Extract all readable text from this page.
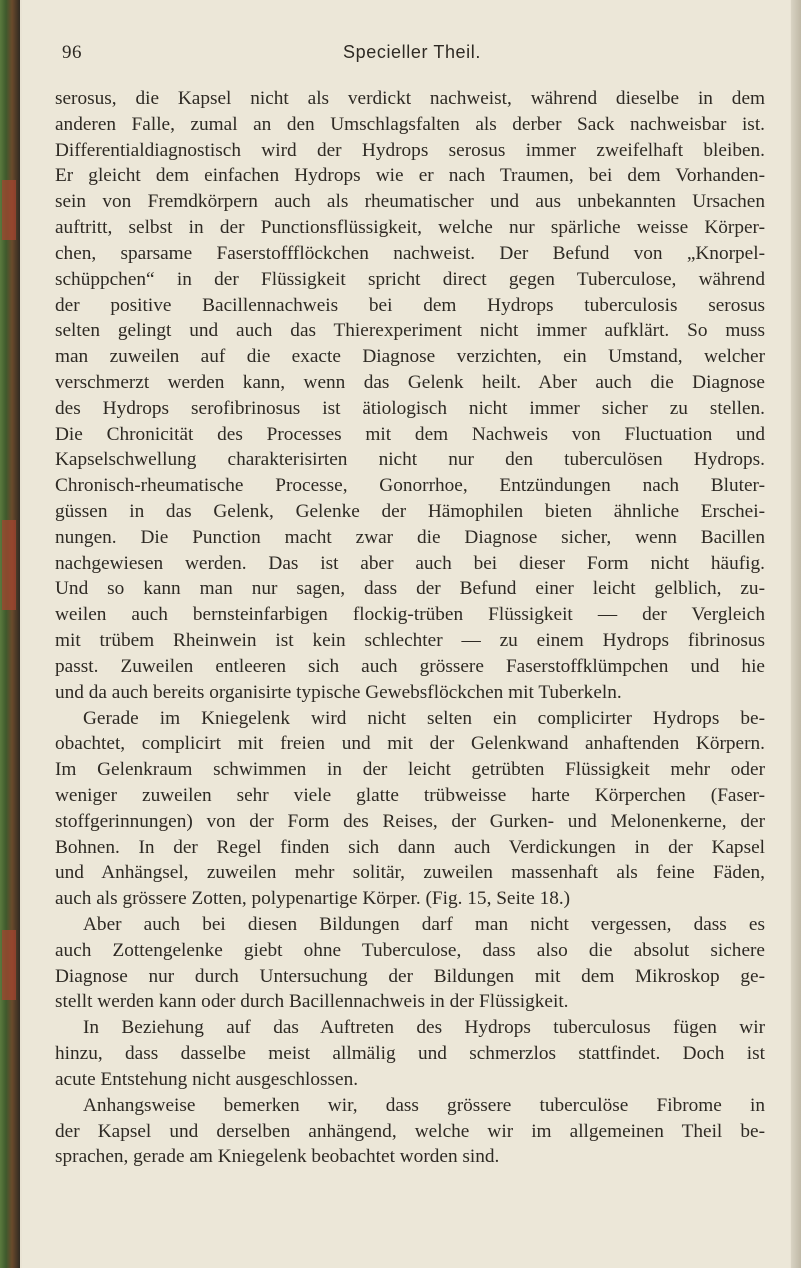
96	Specieller Theil.
serosus, die Kapsel nicht als verdickt nachweist, während dieselbe in dem
anderen Falle, zumal an den Umschlagsfalten als derber Sack nachweisbar ist.
Differentialdiagnostisch wird der Hydrops serosus immer zweifelhaft bleiben.
Er gleicht dem einfachen Hydrops wie er nach Traumen, bei dem Vorhanden-
sein von Fremdkörpern auch als rheumatischer und aus unbekannten Ursachen
auftritt, selbst in der Punctionsflüssigkeit, welche nur spärliche weisse Körper-
chen, sparsame Faserstoffflöckchen nachweist. Der Befund von „Knorpel-
schüppchen“ in der Flüssigkeit spricht direct gegen Tuberculose, während
der positive Bacillennachweis bei dem Hydrops tuberculosis serosus
selten gelingt und auch das Thierexperiment nicht immer aufklärt. So muss
man zuweilen auf die exacte Diagnose verzichten, ein Umstand, welcher
verschmerzt werden kann, wenn das Gelenk heilt. Aber auch die Diagnose
des Hydrops serofibrinosus ist ätiologisch nicht immer sicher zu stellen.
Die Chronicität des Processes mit dem Nachweis von Fluctuation und
Kapselschwellung charakterisirten nicht nur den tuberculösen Hydrops.
Chronisch-rheumatische Processe, Gonorrhoe, Entzündungen nach Bluter-
güssen in das Gelenk, Gelenke der Hämophilen bieten ähnliche Erschei-
nungen. Die Punction macht zwar die Diagnose sicher, wenn Bacillen
nachgewiesen werden. Das ist aber auch bei dieser Form nicht häufig.
Und so kann man nur sagen, dass der Befund einer leicht gelblich, zu-
weilen auch bernsteinfarbigen flockig-trüben Flüssigkeit — der Vergleich
mit trübem Rheinwein ist kein schlechter — zu einem Hydrops fibrinosus
passt. Zuweilen entleeren sich auch grössere Faserstoffklümpchen und hie
und da auch bereits organisirte typische Gewebsflöckchen mit Tuberkeln.
Gerade im Kniegelenk wird nicht selten ein complicirter Hydrops be-
obachtet, complicirt mit freien und mit der Gelenkwand anhaftenden Körpern.
Im Gelenkraum schwimmen in der leicht getrübten Flüssigkeit mehr oder
weniger zuweilen sehr viele glatte trübweisse harte Körperchen (Faser-
stoffgerinnungen) von der Form des Reises, der Gurken- und Melonenkerne, der
Bohnen. In der Regel finden sich dann auch Verdickungen in der Kapsel
und Anhängsel, zuweilen mehr solitär, zuweilen massenhaft als feine Fäden,
auch als grössere Zotten, polypenartige Körper. (Fig. 15, Seite 18.)
Aber auch bei diesen Bildungen darf man nicht vergessen, dass es
auch Zottengelenke giebt ohne Tuberculose, dass also die absolut sichere
Diagnose nur durch Untersuchung der Bildungen mit dem Mikroskop ge-
stellt werden kann oder durch Bacillennachweis in der Flüssigkeit.
In Beziehung auf das Auftreten des Hydrops tuberculosus fügen wir
hinzu, dass dasselbe meist allmälig und schmerzlos stattfindet. Doch ist
acute Entstehung nicht ausgeschlossen.
Anhangsweise bemerken wir, dass grössere tuberculöse Fibrome in
der Kapsel und derselben anhängend, welche wir im allgemeinen Theil be-
sprachen, gerade am Kniegelenk beobachtet worden sind.
